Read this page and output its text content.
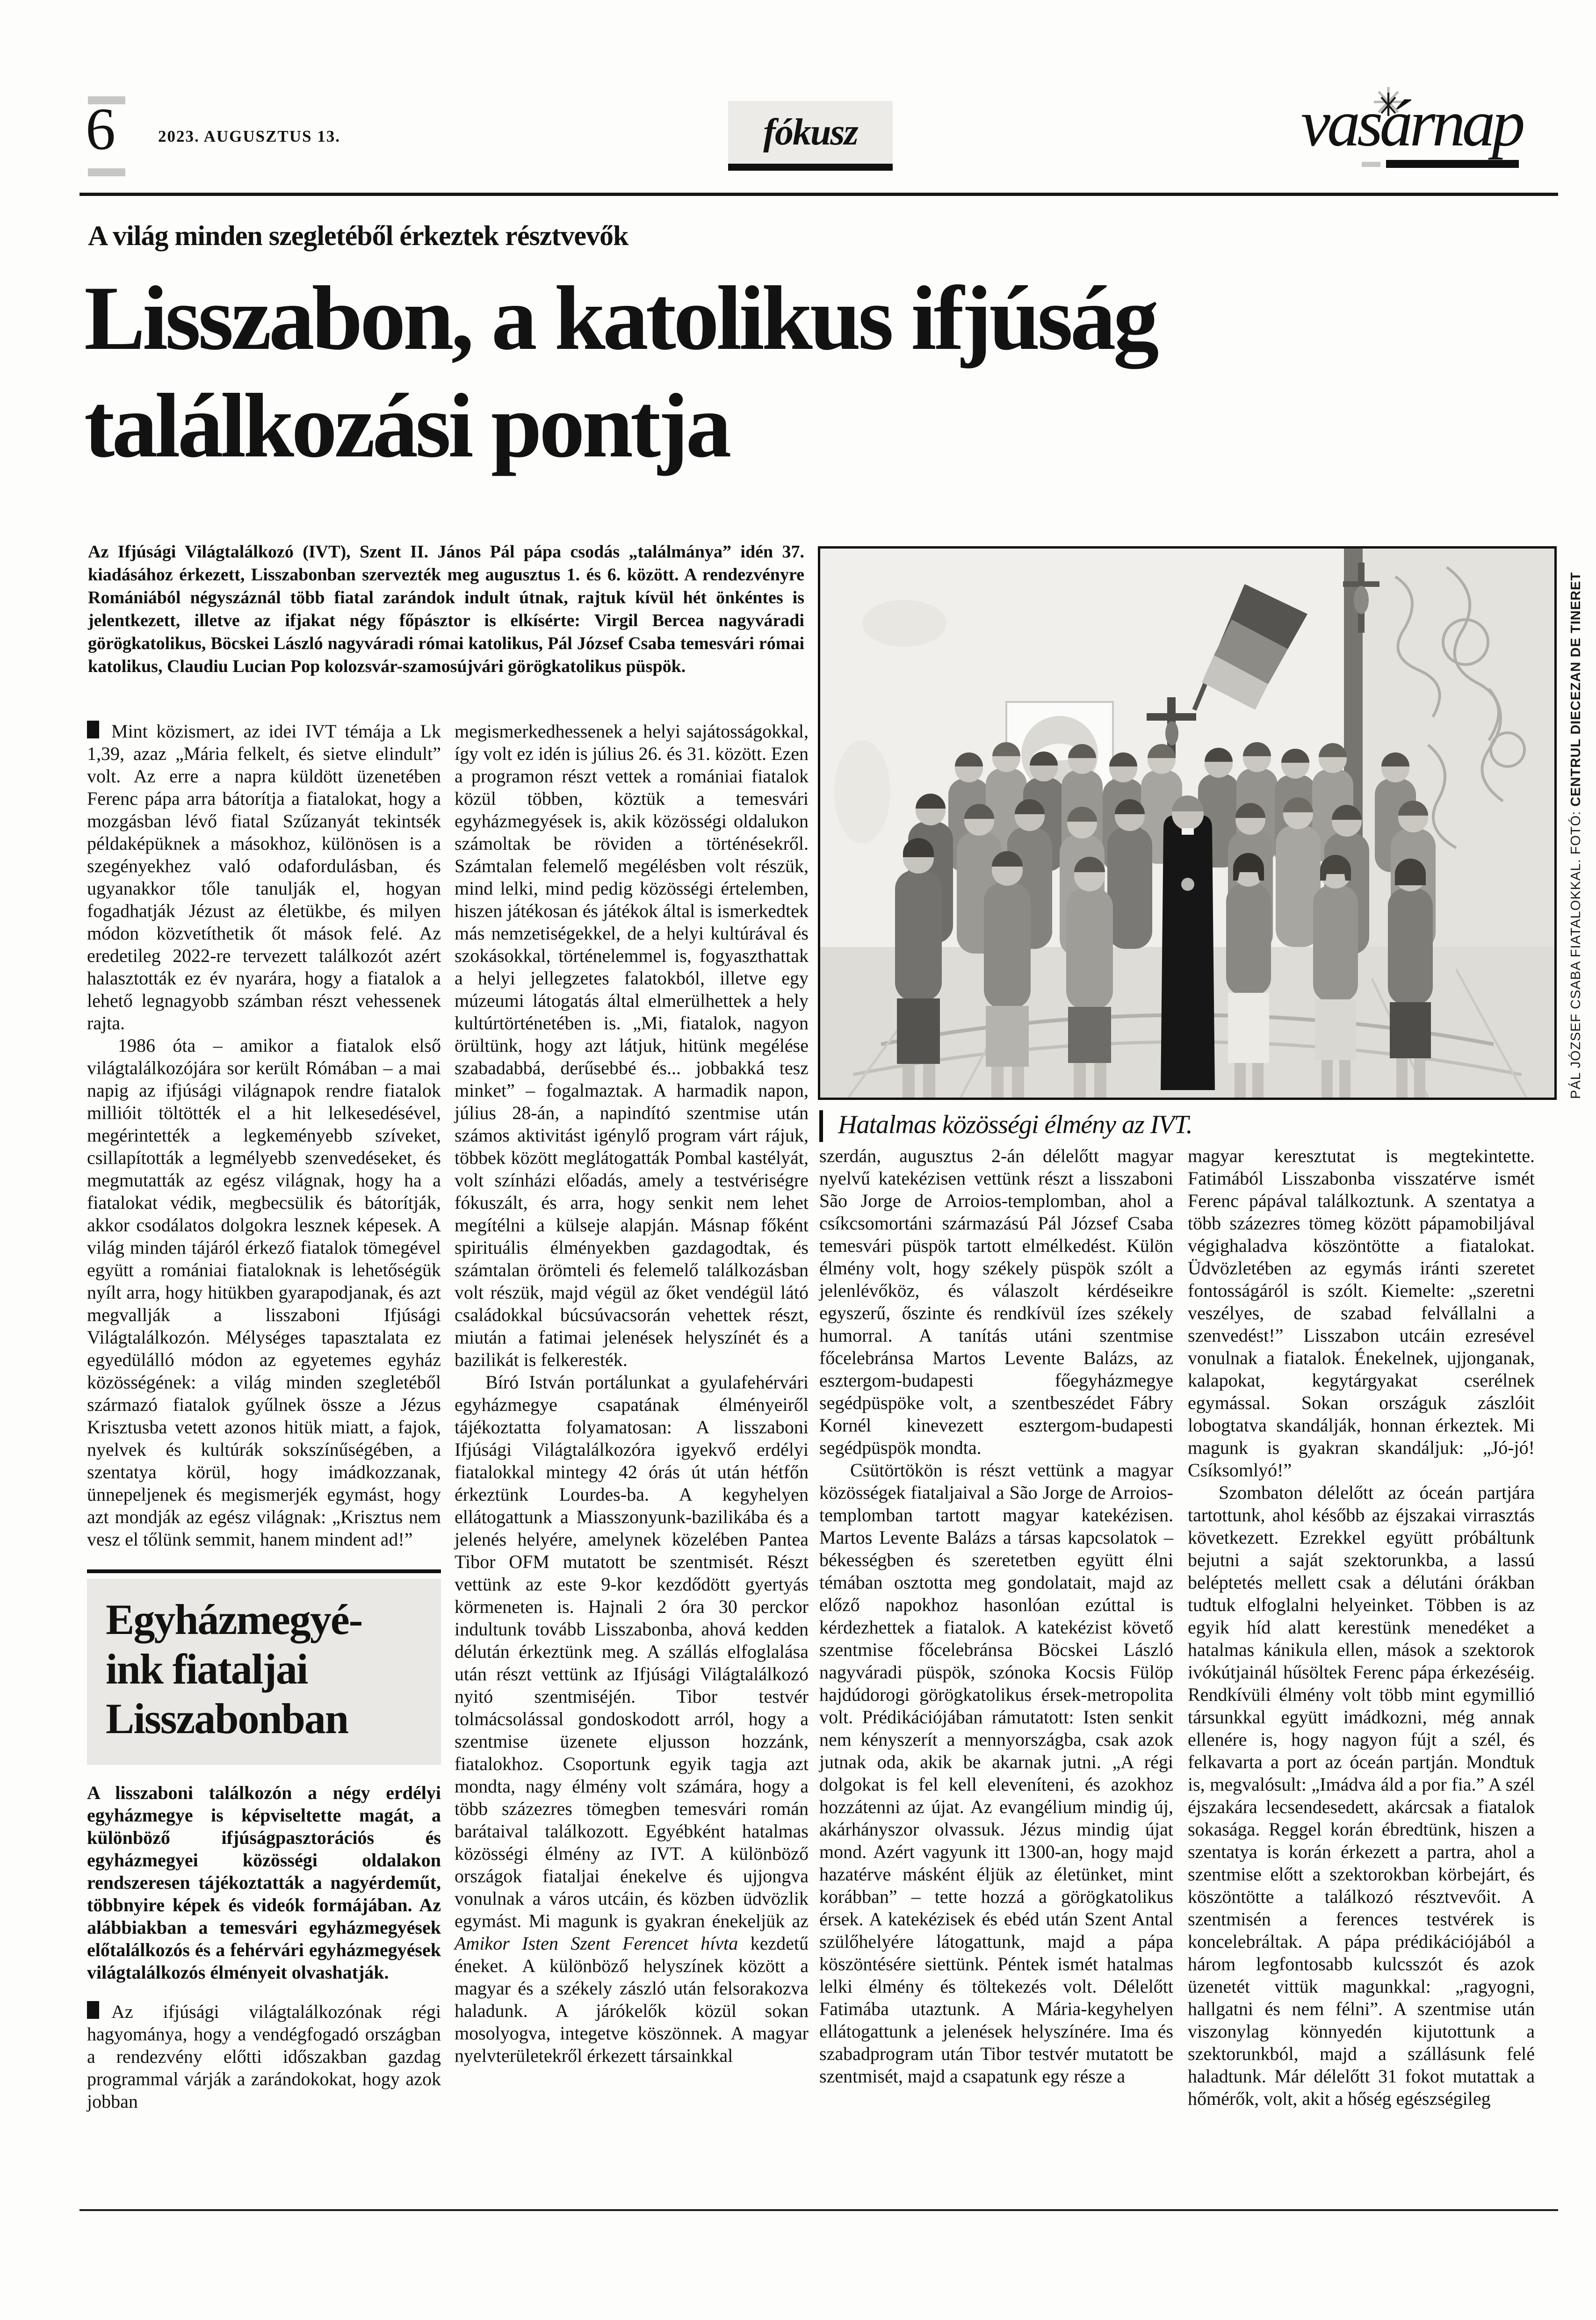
6	2023. AUGUSZTUS 13.	fókusz	vasárnap
A világ minden szegletéből érkeztek résztvevők
Lisszabon, a katolikus ifjúság
találkozási pontja

Az Ifjúsági Világtalálkozó (IVT), Szent II. János Pál pápa csodás „találmánya” idén 37. kiadásához érkezett, Lisszabonban szervezték meg augusztus 1. és 6. között. A rendezvényre Romániából négyszáznál több fiatal zarándok indult útnak, rajtuk kívül hét önkéntes is jelentkezett, illetve az ifjakat négy főpásztor is elkísérte: Virgil Bercea nagyváradi görögkatolikus, Böcskei László nagyváradi római katolikus, Pál József Csaba temesvári római katolikus, Claudiu Lucian Pop kolozsvár-szamosújvári görögkatolikus püspök.

PÁL JÓZSEF CSABA FIATALOKKAL. FOTÓ: CENTRUL DIECEZAN DE TINERET
Hatalmas közösségi élmény az IVT.

Mint közismert, az idei IVT témája a Lk 1,39, azaz „Mária felkelt, és sietve elindult” volt. Az erre a napra küldött üzenetében Ferenc pápa arra bátorítja a fiatalokat, hogy a mozgásban lévő fiatal Szűzanyát tekintsék példaképüknek a másokhoz, különösen is a szegényekhez való odafordulásban, és ugyanakkor tőle tanulják el, hogyan fogadhatják Jézust az életükbe, és milyen módon közvetíthetik őt mások felé. Az eredetileg 2022-re tervezett találkozót azért halasztották ez év nyarára, hogy a fiatalok a lehető legnagyobb számban részt vehessenek rajta.

1986 óta – amikor a fiatalok első világtalálkozójára sor került Rómában – a mai napig az ifjúsági világnapok rendre fiatalok millióit töltötték el a hit lelkesedésével, megérintették a legkeményebb szíveket, csillapították a legmélyebb szenvedéseket, és megmutatták az egész világnak, hogy ha a fiatalokat védik, megbecsülik és bátorítják, akkor csodálatos dolgokra lesznek képesek. A világ minden tájáról érkező fiatalok tömegével együtt a romániai fiataloknak is lehetőségük nyílt arra, hogy hitükben gyarapodjanak, és azt megvallják a lisszaboni Ifjúsági Világtalálkozón. Mélységes tapasztalata ez egyedülálló módon az egyetemes egyház közösségének: a világ minden szegletéből származó fiatalok gyűlnek össze a Jézus Krisztusba vetett azonos hitük miatt, a fajok, nyelvek és kultúrák sokszínűségében, a szentatya körül, hogy imádkozzanak, ünnepeljenek és megismerjék egymást, hogy azt mondják az egész világnak: „Krisztus nem vesz el tőlünk semmit, hanem mindent ad!”

Egyházmegyé-
ink fiataljai
Lisszabonban

A lisszaboni találkozón a négy erdélyi egyházmegye is képviseltette magát, a különböző ifjúságpasztorációs és egyházmegyei közösségi oldalakon rendszeresen tájékoztatták a nagyérdeműt, többnyire képek és videók formájában. Az alábbiakban a temesvári egyházmegyések előtalálkozós és a fehérvári egyházmegyések világtalálkozós élményeit olvashatják.

Az ifjúsági világtalálkozónak régi hagyománya, hogy a vendégfogadó országban a rendezvény előtti időszakban gazdag programmal várják a zarándokokat, hogy azok jobban

megismerkedhessenek a helyi sajátosságokkal, így volt ez idén is július 26. és 31. között. Ezen a programon részt vettek a romániai fiatalok közül többen, köztük a temesvári egyházmegyések is, akik közösségi oldalukon számoltak be röviden a történésekről. Számtalan felemelő megélésben volt részük, mind lelki, mind pedig közösségi értelemben, hiszen játékosan és játékok által is ismerkedtek más nemzetiségekkel, de a helyi kultúrával és szokásokkal, történelemmel is, fogyaszthattak a helyi jellegzetes falatokból, illetve egy múzeumi látogatás által elmerülhettek a hely kultúrtörténetében is. „Mi, fiatalok, nagyon örültünk, hogy azt látjuk, hitünk megélése szabadabbá, derűsebbé és... jobbakká tesz minket” – fogalmaztak. A harmadik napon, július 28-án, a napindító szentmise után számos aktivitást igénylő program várt rájuk, többek között meglátogatták Pombal kastélyát, volt színházi előadás, amely a testvériségre fókuszált, és arra, hogy senkit nem lehet megítélni a külseje alapján. Másnap főként spirituális élményekben gazdagodtak, és számtalan örömteli és felemelő találkozásban volt részük, majd végül az őket vendégül látó családokkal búcsúvacsorán vehettek részt, miután a fatimai jelenések helyszínét és a bazilikát is felkeresték.

Bíró István portálunkat a gyulafehérvári egyházmegye csapatának élményeiről tájékoztatta folyamatosan: A lisszaboni Ifjúsági Világtalálkozóra igyekvő erdélyi fiatalokkal mintegy 42 órás út után hétfőn érkeztünk Lourdes-ba. A kegyhelyen ellátogattunk a Miasszonyunk-bazilikába és a jelenés helyére, amelynek közelében Pantea Tibor OFM mutatott be szentmisét. Részt vettünk az este 9-kor kezdődött gyertyás körmeneten is. Hajnali 2 óra 30 perckor indultunk tovább Lisszabonba, ahová kedden délután érkeztünk meg. A szállás elfoglalása után részt vettünk az Ifjúsági Világtalálkozó nyitó szentmiséjén. Tibor testvér tolmácsolással gondoskodott arról, hogy a szentmise üzenete eljusson hozzánk, fiatalokhoz. Csoportunk egyik tagja azt mondta, nagy élmény volt számára, hogy a több százezres tömegben temesvári román barátaival találkozott. Egyébként hatalmas közösségi élmény az IVT. A különböző országok fiataljai énekelve és ujjongva vonulnak a város utcáin, és közben üdvözlik egymást. Mi magunk is gyakran énekeljük az Amikor Isten Szent Ferencet hívta kezdetű éneket. A különböző helyszínek között a magyar és a székely zászló után felsorakozva haladunk. A járókelők közül sokan mosolyogva, integetve köszönnek. A magyar nyelvterületekről érkezett társainkkal

szerdán, augusztus 2-án délelőtt magyar nyelvű katekézisen vettünk részt a lisszaboni São Jorge de Arroios-templomban, ahol a csíkcsomortáni származású Pál József Csaba temesvári püspök tartott elmélkedést. Külön élmény volt, hogy székely püspök szólt a jelenlévőköz, és válaszolt kérdéseikre egyszerű, őszinte és rendkívül ízes székely humorral. A tanítás utáni szentmise főcelebránsa Martos Levente Balázs, az esztergom-budapesti főegyházmegye segédpüspöke volt, a szentbeszédet Fábry Kornél kinevezett esztergom-budapesti segédpüspök mondta.

Csütörtökön is részt vettünk a magyar közösségek fiataljaival a São Jorge de Arroios-templomban tartott magyar katekézisen. Martos Levente Balázs a társas kapcsolatok – békességben és szeretetben együtt élni témában osztotta meg gondolatait, majd az előző napokhoz hasonlóan ezúttal is kérdezhettek a fiatalok. A katekézist követő szentmise főcelebránsa Böcskei László nagyváradi püspök, szónoka Kocsis Fülöp hajdúdorogi görögkatolikus érsek-metropolita volt. Prédikációjában rámutatott: Isten senkit nem kényszerít a mennyországba, csak azok jutnak oda, akik be akarnak jutni. „A régi dolgokat is fel kell eleveníteni, és azokhoz hozzátenni az újat. Az evangélium mindig új, akárhányszor olvassuk. Jézus mindig újat mond. Azért vagyunk itt 1300-an, hogy majd hazatérve másként éljük az életünket, mint korábban” – tette hozzá a görögkatolikus érsek. A katekézisek és ebéd után Szent Antal szülőhelyére látogattunk, majd a pápa köszöntésére siettünk. Péntek ismét hatalmas lelki élmény és töltekezés volt. Délelőtt Fatimába utaztunk. A Mária-kegyhelyen ellátogattunk a jelenések helyszínére. Ima és szabadprogram után Tibor testvér mutatott be szentmisét, majd a csapatunk egy része a

magyar keresztutat is megtekintette. Fatimából Lisszabonba visszatérve ismét Ferenc pápával találkoztunk. A szentatya a több százezres tömeg között pápamobiljával végighaladva köszöntötte a fiatalokat. Üdvözletében az egymás iránti szeretet fontosságáról is szólt. Kiemelte: „szeretni veszélyes, de szabad felvállalni a szenvedést!” Lisszabon utcáin ezresével vonulnak a fiatalok. Énekelnek, ujjonganak, kalapokat, kegytárgyakat cserélnek egymással. Sokan országuk zászlóit lobogtatva skandálják, honnan érkeztek. Mi magunk is gyakran skandáljuk: „Jó-jó! Csíksomlyó!”

Szombaton délelőtt az óceán partjára tartottunk, ahol később az éjszakai virrasztás következett. Ezrekkel együtt próbáltunk bejutni a saját szektorunkba, a lassú beléptetés mellett csak a délutáni órákban tudtuk elfoglalni helyeinket. Többen is az egyik híd alatt kerestünk menedéket a hatalmas kánikula ellen, mások a szektorok ivókútjainál hűsöltek Ferenc pápa érkezéséig. Rendkívüli élmény volt több mint egymillió társunkkal együtt imádkozni, még annak ellenére is, hogy nagyon fújt a szél, és felkavarta a port az óceán partján. Mondtuk is, megvalósult: „Imádva áld a por fia.” A szél éjszakára lecsendesedett, akárcsak a fiatalok sokasága. Reggel korán ébredtünk, hiszen a szentatya is korán érkezett a partra, ahol a szentmise előtt a szektorokban körbejárt, és köszöntötte a találkozó résztvevőit. A szentmisén a ferences testvérek is koncelebráltak. A pápa prédikációjából a három legfontosabb kulcsszót és azok üzenetét vittük magunkkal: „ragyogni, hallgatni és nem félni”. A szentmise után viszonylag könnyedén kijutottunk a szektorunkból, majd a szállásunk felé haladtunk. Már délelőtt 31 fokot mutattak a hőmérők, volt, akit a hőség egészségileg
